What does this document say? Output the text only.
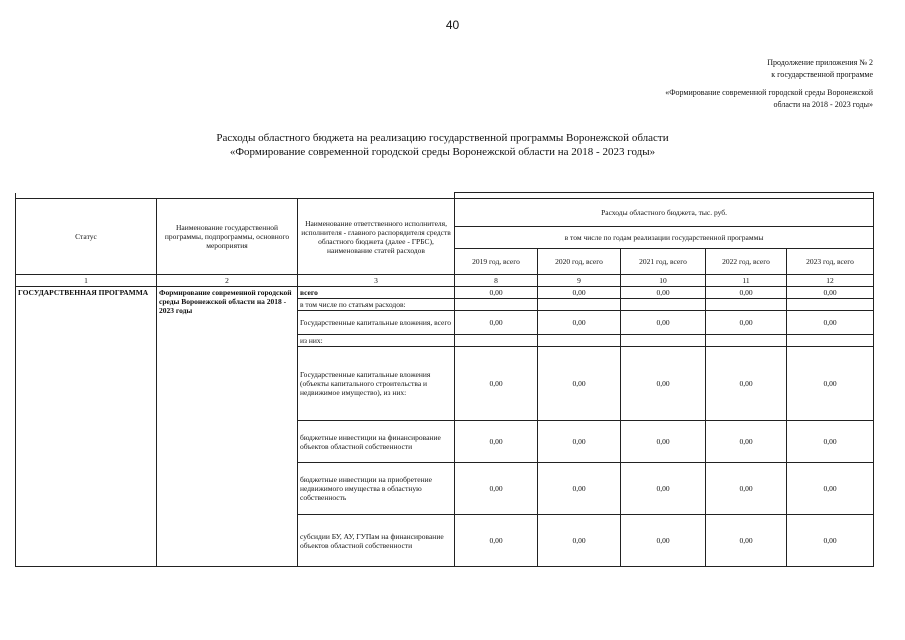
40
Продолжение приложения № 2
к государственной программе
«Формирование современной городской среды Воронежской
области на 2018 - 2023 годы»
Расходы областного бюджета на реализацию государственной программы Воронежской области
«Формирование современной городской среды Воронежской области на 2018 - 2023 годы»

Статус	Наименование государственной программы, подпрограммы, основного мероприятия	Наименование ответственного исполнителя, исполнителя - главного распорядителя средств областного бюджета (далее - ГРБС), наименование статей расходов	Расходы областного бюджета, тыс. руб.				
			в том числе по годам реализации государственной программы				
			2019 год, всего	2020 год, всего	2021 год, всего	2022 год, всего	2023 год, всего
1	2	3	8	9	10	11	12
ГОСУДАРСТВЕННАЯ ПРОГРАММА	Формирование современной городской среды Воронежской области на 2018 - 2023 годы	всего	0,00	0,00	0,00	0,00	0,00
		в том числе по статьям расходов:					
		Государственные капитальные вложения, всего	0,00	0,00	0,00	0,00	0,00
		из них:					
		Государственные капитальные вложения (объекты капитального строительства и недвижимое имущество), из них:	0,00	0,00	0,00	0,00	0,00
		бюджетные инвестиции на финансирование объектов областной собственности	0,00	0,00	0,00	0,00	0,00
		бюджетные инвестиции на приобретение недвижимого имущества в областную собственность	0,00	0,00	0,00	0,00	0,00
		субсидии БУ, АУ, ГУПам на финансирование объектов областной собственности	0,00	0,00	0,00	0,00	0,00
